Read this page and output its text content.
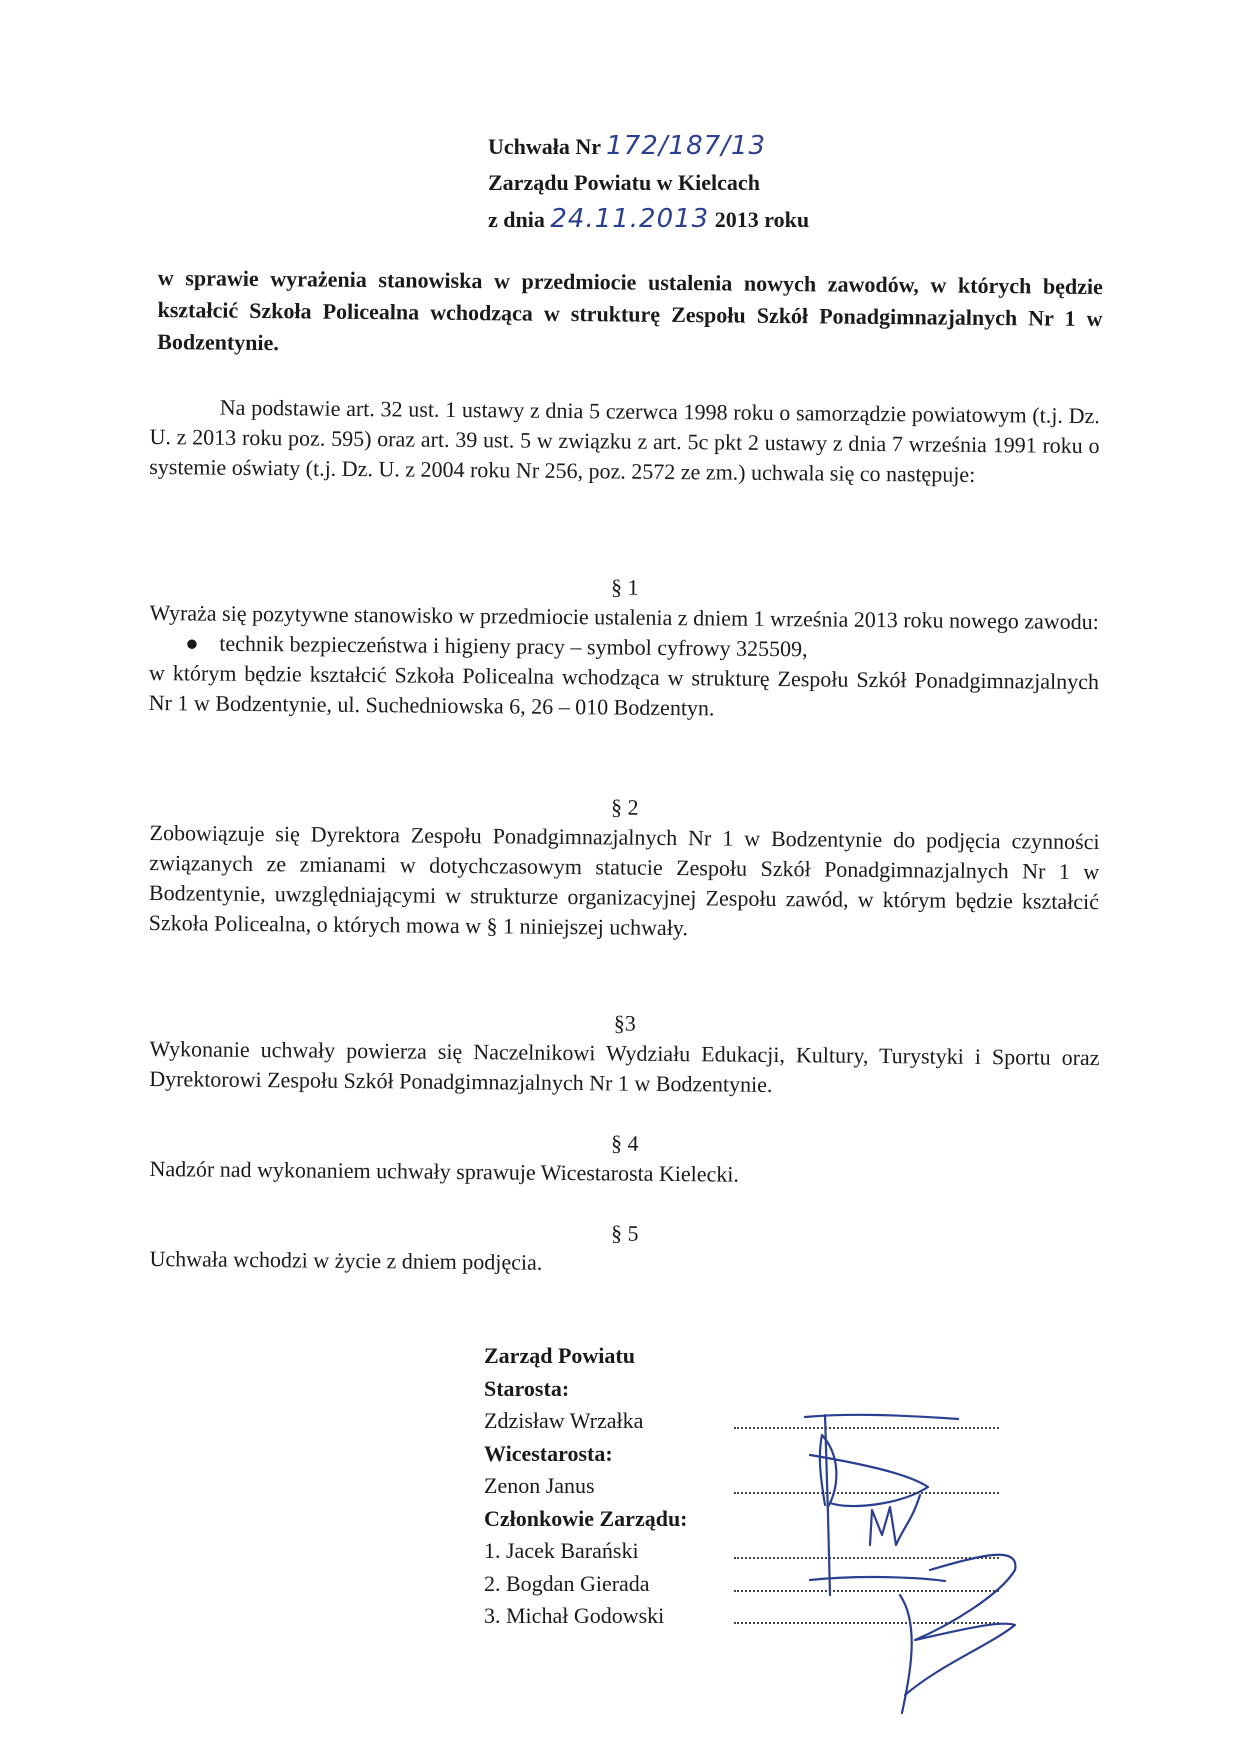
Uchwała Nr 172/187/13
Zarządu Powiatu w Kielcach
z dnia 24.11.2013 2013 roku
w sprawie wyrażenia stanowiska w przedmiocie ustalenia nowych zawodów, w których będzie kształcić Szkoła Policealna wchodząca w strukturę Zespołu Szkół Ponadgimnazjalnych Nr 1 w Bodzentynie.
Na podstawie art. 32 ust. 1 ustawy z dnia 5 czerwca 1998 roku o samorządzie powiatowym (t.j. Dz. U. z 2013 roku poz. 595) oraz art. 39 ust. 5 w związku z art. 5c pkt 2 ustawy z dnia 7 września 1991 roku o systemie oświaty (t.j. Dz. U. z 2004 roku Nr 256, poz. 2572 ze zm.) uchwala się co następuje:
§ 1
Wyraża się pozytywne stanowisko w przedmiocie ustalenia z dniem 1 września 2013 roku nowego zawodu:
● technik bezpieczeństwa i higieny pracy – symbol cyfrowy 325509,
w którym będzie kształcić Szkoła Policealna wchodząca w strukturę Zespołu Szkół Ponadgimnazjalnych Nr 1 w Bodzentynie, ul. Suchedniowska 6, 26 – 010 Bodzentyn.
§ 2
Zobowiązuje się Dyrektora Zespołu Ponadgimnazjalnych Nr 1 w Bodzentynie do podjęcia czynności związanych ze zmianami w dotychczasowym statucie Zespołu Szkół Ponadgimnazjalnych Nr 1 w Bodzentynie, uwzględniającymi w strukturze organizacyjnej Zespołu zawód, w którym będzie kształcić Szkoła Policealna, o których mowa w § 1 niniejszej uchwały.
§3
Wykonanie uchwały powierza się Naczelnikowi Wydziału Edukacji, Kultury, Turystyki i Sportu oraz Dyrektorowi Zespołu Szkół Ponadgimnazjalnych Nr 1 w Bodzentynie.
§ 4
Nadzór nad wykonaniem uchwały sprawuje Wicestarosta Kielecki.
§ 5
Uchwała wchodzi w życie z dniem podjęcia.
Zarząd Powiatu
Starosta:
Zdzisław Wrzałka
Wicestarosta:
Zenon Janus
Członkowie Zarządu:
1. Jacek Barański
2. Bogdan Gierada
3. Michał Godowski
